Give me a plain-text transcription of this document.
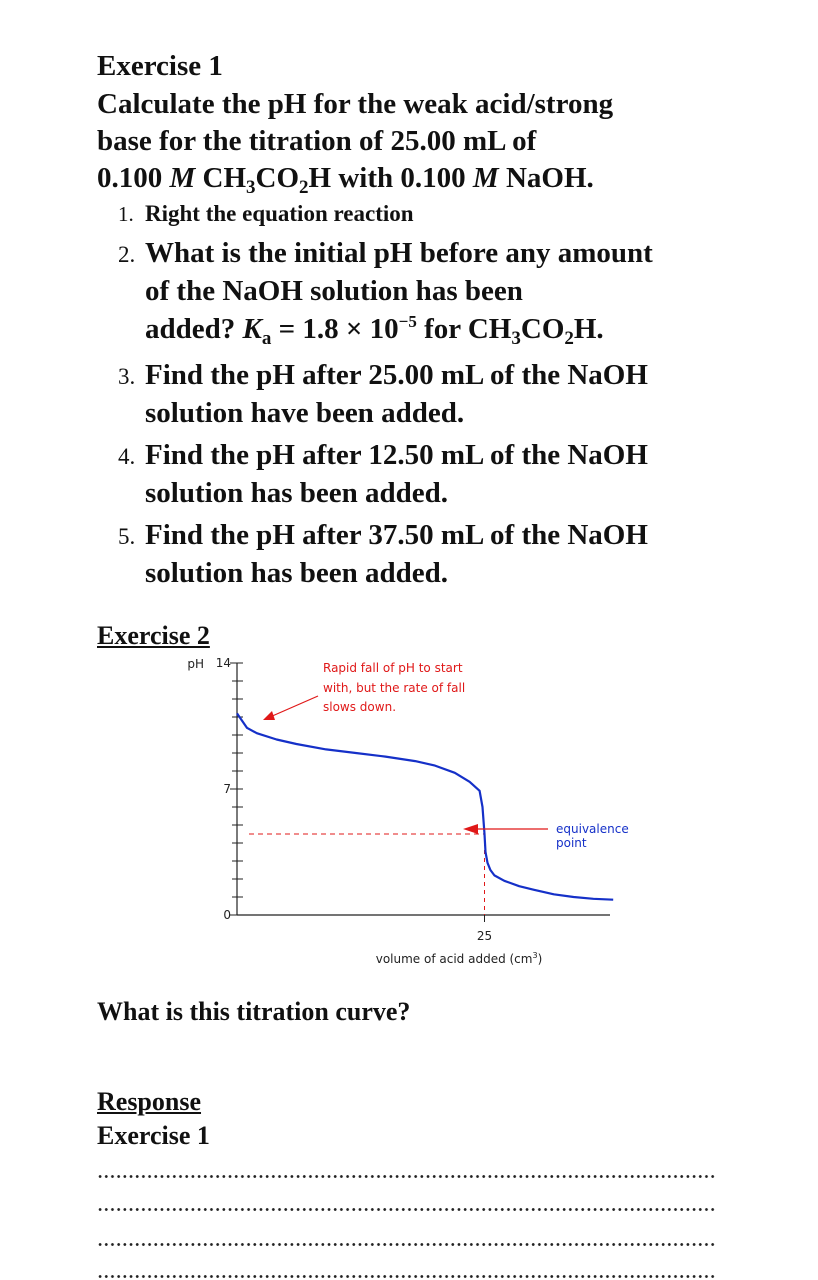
Exercise 1
Calculate the pH for the weak acid/strong
base for the titration of 25.00 mL of
0.100 M $CH_3CO_2H$ with 0.100 M NaOH.
1. Right the equation reaction
2. What is the initial pH before any amount
of the NaOH solution has been
added? $K_a = 1.8 \times 10^{-5}$ for $CH_3CO_2H$.
3. Find the pH after 25.00 mL of the NaOH
solution have been added.
4. Find the pH after 12.50 mL of the NaOH
solution has been added.
5. Find the pH after 37.50 mL of the NaOH
solution has been added.
Exercise 2
pH 14
7
0
25
volume of acid added $(cm^3)$
Rapid fall of pH to start
with, but the rate of fall
slows down.
equivalence
point
What is this titration curve?
Response
Exercise 1
